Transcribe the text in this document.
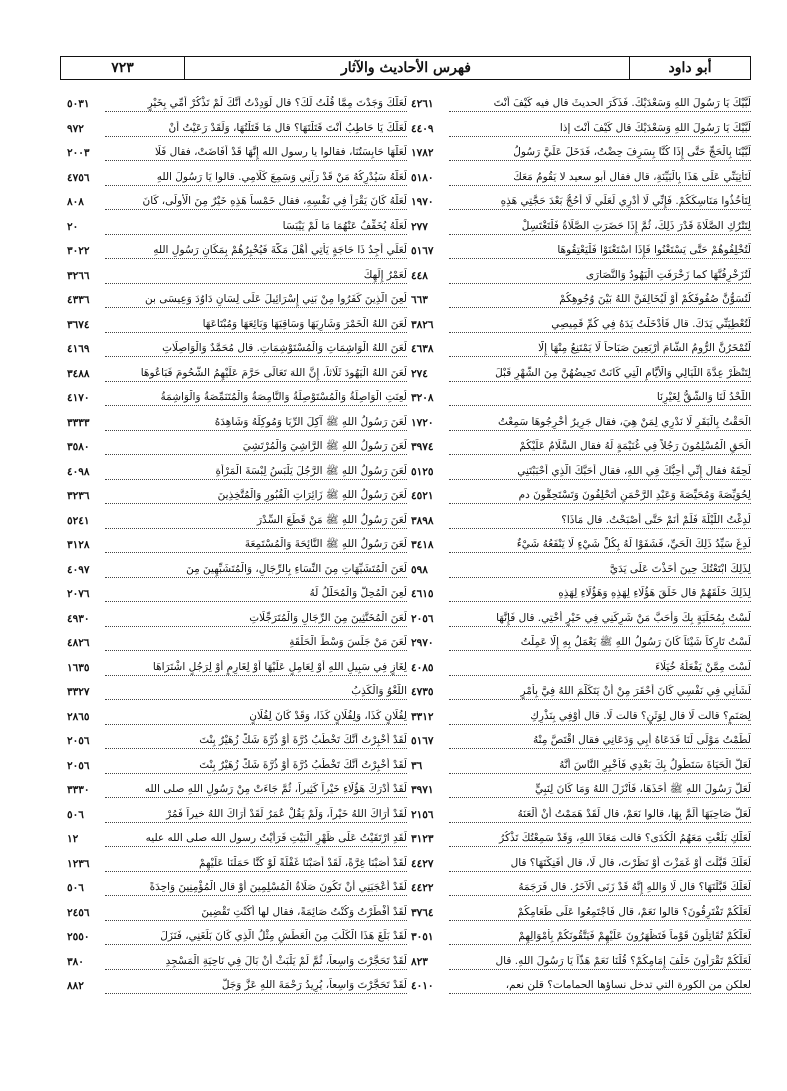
أبو داود
فهرس الأحاديث والآثار
٧٢٣
لَبَّيْكَ يَا رَسُولَ اللهِ وَسَعْدَيْكَ. فَذَكَرَ الحديثَ قال فيه كَيْفَ أَنْتَ
٤٢٦١
لَبَّيْكَ يَا رَسُولَ اللهِ وَسَعْدَيْكَ قال كَيْفَ أَنْتَ إذا
٤٤٠٩
لَبَّيْنَا بِالْحَجِّ حَتَّى إِذَا كُنَّا بِسَرِفَ حِضْتُ، فَدَخَلَ عَلَيَّ رَسُولُ
١٧٨٢
لَتَأْتِيَنِّي عَلَى هَذَا بِالْبَيِّنَةِ، قال فقال أبو سعيد لا يَقُومُ مَعَكَ
٥١٨٠
لِتَأْخُذُوا مَنَاسِكَكُمْ. فَإِنِّي لَا أَدْرِي لَعَلِّي لَا أَحُجُّ بَعْدَ حَجَّتِي هَذِهِ
١٩٧٠
لِتَتْرُكِ الصَّلَاةَ قَدْرَ ذَلِكَ، ثُمَّ إِذَا حَضَرَتِ الصَّلَاةُ فَلْتَغْتَسِلْ
٢٧٧
لَتُخْلِفُوهُمْ حَتَّى يَسْتَغْنُوا فَإِذَا اسْتَغْنَوْا فَلْيَعْتِقُوهَا
٥١٦٧
لَتُزَخْرِفُنَّهَا كما زَخْرَفَتِ الْيَهُودُ وَالنَّصَارَى
٤٤٨
لَتُسَوُّنَّ صُفُوفَكُمْ أَوْ لَيُخَالِفَنَّ اللهُ بَيْنَ وُجُوهِكُمْ
٦٦٣
لَتُعْطِيَنِّي يَدَكَ. قال فَأَدْخَلْتُ يَدَهُ فِي كُمِّ قَمِيصِي
٣٨٢٦
لَتُمْخَرُنَّ الرُّومُ الشَّامَ أَرْبَعِينَ صَبَاحاً لَا يَمْتَنِعُ مِنْهَا إِلَّا
٤٦٣٨
لِتَنْظُرْ عِدَّةَ اللَّيَالِي وَالْأَيَّامِ الَّتِي كَانَتْ تَحِيضُهُنَّ مِنَ الشَّهْرِ قَبْلَ
٢٧٤
اللَّحْدُ لَنَا وَالشَّقُّ لِغَيْرِنَا
٣٢٠٨
الْحَقْتُ بِالْبَقَرِ لَا نَدْرِي لِمَنْ هِيَ، فقال جَرِيرٌ أَخْرِجُوهَا سَمِعْتُ
١٧٢٠
الْحَقِ الْمُسْلِمُونَ رَجُلاً فِي غُنَيْمَةٍ لَهُ فقال السَّلَامُ عَلَيْكُمْ
٣٩٧٤
لَحِقَهُ فقال إِنِّي أُحِبُّكَ فِي اللهِ، فقال أَحَبَّكَ الَّذِي أَحْبَبْتَنِي
٥١٢٥
لِحُوَيِّصَةَ وَمُحَيِّصَةَ وَعَبْدِ الرَّحْمَنِ أَتَحْلِفُونَ وَتَسْتَحِقُّونَ دم
٤٥٢١
لُدِغْتُ اللَّيْلَةَ فَلَمْ أَنَمْ حَتَّى أَصْبَحْتُ. قال مَاذَا؟
٣٨٩٨
لُدِغَ سَيِّدُ ذَلِكَ الْحَيِّ، فَشَفَوْا لَهُ بِكُلِّ شَيْءٍ لَا يَنْفَعُهُ شَيْءٌ
٣٤١٨
لِذَلِكَ ابْتَعْتُكَ حِينَ أَخَذْتَ عَلَى يَدَيَّ
٥٩٨
لِذَلِكَ خَلَقَهُمْ قال خَلَقَ هَؤُلَاءِ لِهَذِهِ وَهَؤُلَاءِ لِهَذِهِ
٤٦١٥
لَسْتُ بِمُخَلِّيَةٍ بِكَ وَأَحَبَّ مَنْ شَرِكَنِي فِي خَيْرٍ أُخْتِي. قال فَإِنَّهَا
٢٠٥٦
لَسْتُ تَارِكاً شَيْئاً كَانَ رَسُولُ اللهِ ﷺ يَعْمَلُ بِهِ إِلَّا عَمِلْتُ
٢٩٧٠
لَسْتَ مِمَّنْ يَفْعَلُهُ خُيَلَاءَ
٤٠٨٥
لَشَأْنِي فِي نَفْسِي كَانَ أَحْقَرَ مِنْ أَنْ يَتَكَلَّمَ اللهُ فِيَّ بِأَمْرٍ
٤٧٣٥
لِصَنَمٍ؟ قالت لَا قال لِوَثَنٍ؟ قالت لَا. قال أَوْفِي بِنَذْرِكِ
٣٣١٢
لَطَمْتُ مَوْلًى لَنَا فَدَعَاهُ أَبِي وَدَعَانِي فقال اقْتَصَّ مِنْهُ
٥١٦٧
لَعَلَّ الْحَيَاةَ سَتَطُولُ بِكَ بَعْدِي فَأَخْبِرِ النَّاسَ أَنَّهُ
٣٦
لَعَلَّ رَسُولَ اللهِ ﷺ أَخَذَهَا، فَأَنْزَلَ اللهُ وَمَا كَانَ لِنَبِيٍّ
٣٩٧١
لَعَلَّ صَاحِبَهَا أَلَمَّ بِهَا، قالوا نَعَمْ، قال لَقَدْ هَمَمْتُ أَنْ أَلْعَنَهُ
٢١٥٦
لَعَلَّكِ بَلَغْتِ مَعَهُمُ الْكُدَى؟ قالت مَعَاذَ اللهِ، وَقَدْ سَمِعْتُكَ تَذْكُرُ
٣١٢٣
لَعَلَّكَ قَبَّلْتَ أَوْ غَمَزْتَ أَوْ نَظَرْتَ، قال لَا، قال أَفَنِكْتَهَا؟ قال
٤٤٢٧
لَعَلَّكَ قَبَّلْتَهَا؟ قال لَا وَاللهِ إِنَّهُ قَدْ زَنَى الْآخَرُ. قال فَرَجَمَهُ
٤٤٢٢
لَعَلَّكُمْ تَفْتَرِقُونَ؟ قالوا نَعَمْ، قال فَاجْتَمِعُوا عَلَى طَعَامِكُمْ
٣٧٦٤
لَعَلَّكُمْ تُقَاتِلُونَ قَوْماً فَتَظْهَرُونَ عَلَيْهِمْ فَيَتَّقُونَكُمْ بِأَمْوَالِهِمْ
٣٠٥١
لَعَلَّكُمْ تَقْرَأُونَ خَلْفَ إِمَامِكُمْ؟ قُلْنَا نَعَمْ هَذّاً يَا رَسُولَ اللهِ. قال
٨٢٣
لعلكن من الكورة التي تدخل نساؤها الحمامات؟ قلن نعم،
٤٠١٠
لَعَلَّكَ وَجَدْتَ مِمَّا قُلْتُ لَكَ؟ قال لَوَدِدْتُ أَنَّكَ لَمْ تَذْكُرْ أُمِّي بِخَيْرٍ
٥٠٣١
لَعَلَّكَ يَا حَاطِبُ أَنْتَ قَتَلْتَهَا؟ قال مَا قَتَلْتُهَا، وَلَقَدْ رَعَيْتُ أَنْ
٩٧٢
لَعَلَّهَا حَابِسَتُنَا، فقالوا يا رسول الله إِنَّهَا قَدْ أَفَاضَتْ، فقال فَلَا
٢٠٠٣
لَعَلَّهُ سَيُدْرِكُهُ مَنْ قَدْ رَآنِي وَسَمِعَ كَلَامِي. قالوا يَا رَسُولَ اللهِ
٤٧٥٦
لَعَلَّهُ كَانَ يَقْرَأُ فِي نَفْسِهِ، فقال خَمْساً هَذِهِ خَيْرٌ مِنَ الْأُولَى، كَانَ
٨٠٨
لَعَلَّهُ يُخَفِّفُ عَنْهُمَا مَا لَمْ يَيْبَسَا
٢٠
لَعَلِّي أَجِدُ ذَا حَاجَةٍ يَأْتِي أَهْلَ مَكَّةَ فَيُخْبِرُهُمْ بِمَكَانِ رَسُولِ اللهِ
٣٠٢٢
لَعَمْرُ إِلَهِكَ
٣٢٦٦
لُعِنَ الَّذِينَ كَفَرُوا مِنْ بَنِي إِسْرَائِيلَ عَلَى لِسَانِ دَاوُدَ وَعِيسَى بن
٤٣٣٦
لَعَنَ اللهُ الْخَمْرَ وَشَارِبَهَا وَسَاقِيَهَا وَبَائِعَهَا وَمُبْتَاعَهَا
٣٦٧٤
لَعَنَ اللهُ الْوَاشِمَاتِ وَالْمُسْتَوْشِمَاتِ. قال مُحَمَّدٌ وَالْوَاصِلَاتِ
٤١٦٩
لَعَنَ اللهُ الْيَهُودَ ثَلَاثاً، إِنَّ اللهَ تَعَالَى حَرَّمَ عَلَيْهِمُ الشُّحُومَ فَبَاعُوهَا
٣٤٨٨
لُعِنَتِ الْوَاصِلَةُ وَالْمُسْتَوْصِلَةُ وَالنَّامِصَةُ وَالْمُتَنَمِّصَةُ وَالْوَاشِمَةُ
٤١٧٠
لَعَنَ رَسُولُ اللهِ ﷺ آكِلَ الرِّبَا وَمُوكِلَهُ وَشَاهِدَهُ
٣٣٣٣
لَعَنَ رَسُولُ اللهِ ﷺ الرَّاشِيَ وَالْمُرْتَشِيَ
٣٥٨٠
لَعَنَ رَسُولُ اللهِ ﷺ الرَّجُلَ يَلْبَسُ لِبْسَةَ الْمَرْأَةِ
٤٠٩٨
لَعَنَ رَسُولُ اللهِ ﷺ زَائِرَاتِ الْقُبُورِ وَالْمُتَّخِذِينَ
٣٢٣٦
لَعَنَ رَسُولُ اللهِ ﷺ مَنْ قَطَعَ السِّدْرَ
٥٢٤١
لَعَنَ رَسُولُ اللهِ ﷺ النَّائِحَةَ وَالْمُسْتَمِعَةَ
٣١٢٨
لَعَنَ الْمُتَشَبِّهَاتِ مِنَ النِّسَاءِ بِالرِّجَالِ، وَالْمُتَشَبِّهِينَ مِنَ
٤٠٩٧
لُعِنَ الْمُحِلُّ وَالْمُحَلَّلُ لَهُ
٢٠٧٦
لَعَنَ الْمُخَنَّثِينَ مِنَ الرِّجَالِ وَالْمُتَرَجِّلَاتِ
٤٩٣٠
لَعَنَ مَنْ جَلَسَ وَسْطَ الْحَلْقَةِ
٤٨٢٦
لِغَازٍ فِي سَبِيلِ اللهِ أَوْ لِعَامِلٍ عَلَيْهَا أَوْ لِغَارِمٍ أَوْ لِرَجُلٍ اشْتَرَاهَا
١٦٣٥
اللَّغْوُ وَالْكَذِبُ
٣٣٢٧
لِفُلَانٍ كَذَا، وَلِفُلَانٍ كَذَا، وَقَدْ كَانَ لِفُلَانٍ
٢٨٦٥
لَقَدْ أُخْبِرْتُ أَنَّكَ تَخْطُبُ دُرَّةَ أَوْ ذُرَّةَ شَكَّ زُهَيْرٌ بِنْتَ
٢٠٥٦
لَقَدْ أُخْبِرْتُ أَنَّكَ تَخْطُبُ دُرَّةَ أَوْ ذُرَّةَ شَكَّ زُهَيْرٌ بِنْتَ
٢٠٥٦
لَقَدْ أَدْرَكَ هَؤُلَاءِ خَيْراً كَثِيراً، ثُمَّ جَاءَتْ مِنْ رَسُولِ اللهِ صلى الله
٣٣٣٠
لَقَدْ أَرَاكَ اللهُ خَيْراً، وَلَمْ يَقُلْ عُمَرُ لَقَدْ أَرَاكَ اللهُ خيراً فَمُرْ
٥٠٦
لَقَدِ ارْتَقَيْتُ عَلَى ظَهْرِ الْبَيْتِ فَرَأَيْتُ رسول الله صلى الله عليه
١٢
لَقَدْ أَصَبْنَا غِرَّةً، لَقَدْ أَصَبْنَا غَفْلَةً لَوْ كُنَّا حَمَلْنَا عَلَيْهِمْ
١٢٣٦
لَقَدْ أَعْجَبَنِي أَنْ تَكُونَ صَلَاةُ الْمُسْلِمِينَ أَوْ قال الْمُؤْمِنِينَ وَاحِدَةً
٥٠٦
لَقَدْ أَفْطَرْتُ وَكُنْتُ صَائِمَةً، فقال لها أَكُنْتِ تَقْضِينَ
٢٤٥٦
لَقَدْ بَلَغَ هَذَا الْكَلْبَ مِنَ الْعَطَشِ مِثْلُ الَّذِي كَانَ بَلَغَنِي، فَنَزَلَ
٢٥٥٠
لَقَدْ تَحَجَّرْتَ وَاسِعاً، ثُمَّ لَمْ يَلْبَثْ أَنْ بَالَ فِي نَاحِيَةِ الْمَسْجِدِ
٣٨٠
لَقَدْ تَحَجَّرْتَ وَاسِعاً، يُرِيدُ رَحْمَةَ اللهِ عَزَّ وَجَلَّ
٨٨٢
